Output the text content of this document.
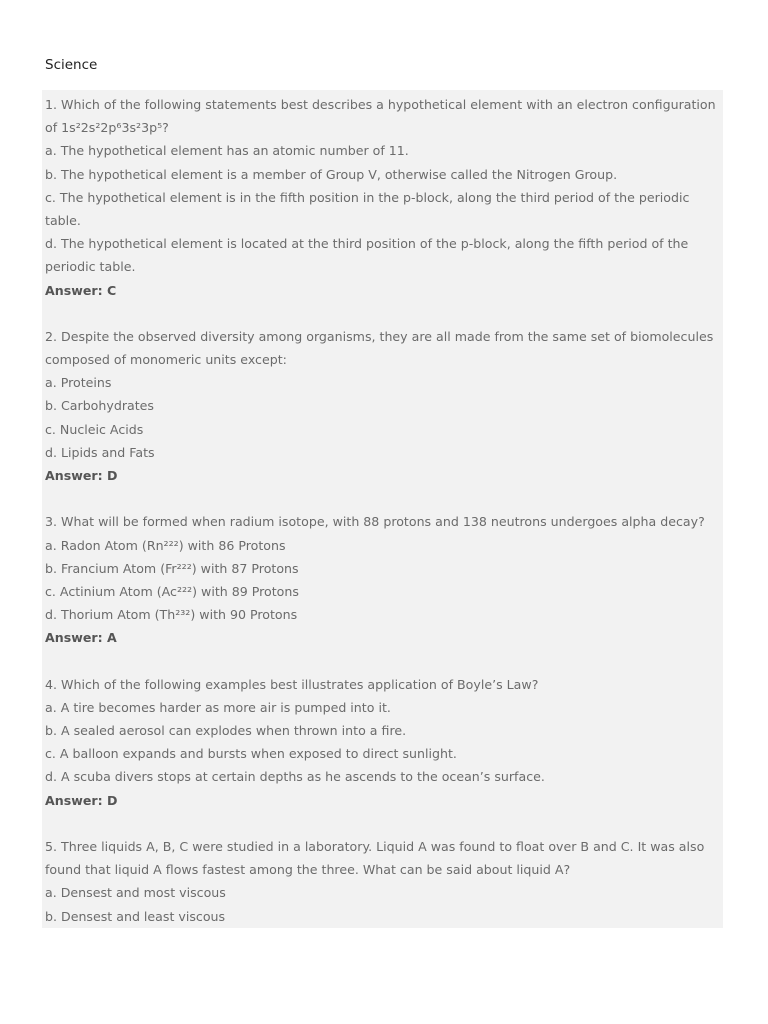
Science
1. Which of the following statements best describes a hypothetical element with an electron configuration
of 1s²2s²2p⁶3s²3p⁵?
a. The hypothetical element has an atomic number of 11.
b. The hypothetical element is a member of Group V, otherwise called the Nitrogen Group.
c. The hypothetical element is in the fifth position in the p-block, along the third period of the periodic
table.
d. The hypothetical element is located at the third position of the p-block, along the fifth period of the
periodic table.
Answer: C
2. Despite the observed diversity among organisms, they are all made from the same set of biomolecules
composed of monomeric units except:
a. Proteins
b. Carbohydrates
c. Nucleic Acids
d. Lipids and Fats
Answer: D
3. What will be formed when radium isotope, with 88 protons and 138 neutrons undergoes alpha decay?
a. Radon Atom (Rn²²²) with 86 Protons
b. Francium Atom (Fr²²²) with 87 Protons
c. Actinium Atom (Ac²²²) with 89 Protons
d. Thorium Atom (Th²³²) with 90 Protons
Answer: A
4. Which of the following examples best illustrates application of Boyle’s Law?
a. A tire becomes harder as more air is pumped into it.
b. A sealed aerosol can explodes when thrown into a fire.
c. A balloon expands and bursts when exposed to direct sunlight.
d. A scuba divers stops at certain depths as he ascends to the ocean’s surface.
Answer: D
5. Three liquids A, B, C were studied in a laboratory. Liquid A was found to float over B and C. It was also
found that liquid A flows fastest among the three. What can be said about liquid A?
a. Densest and most viscous
b. Densest and least viscous
